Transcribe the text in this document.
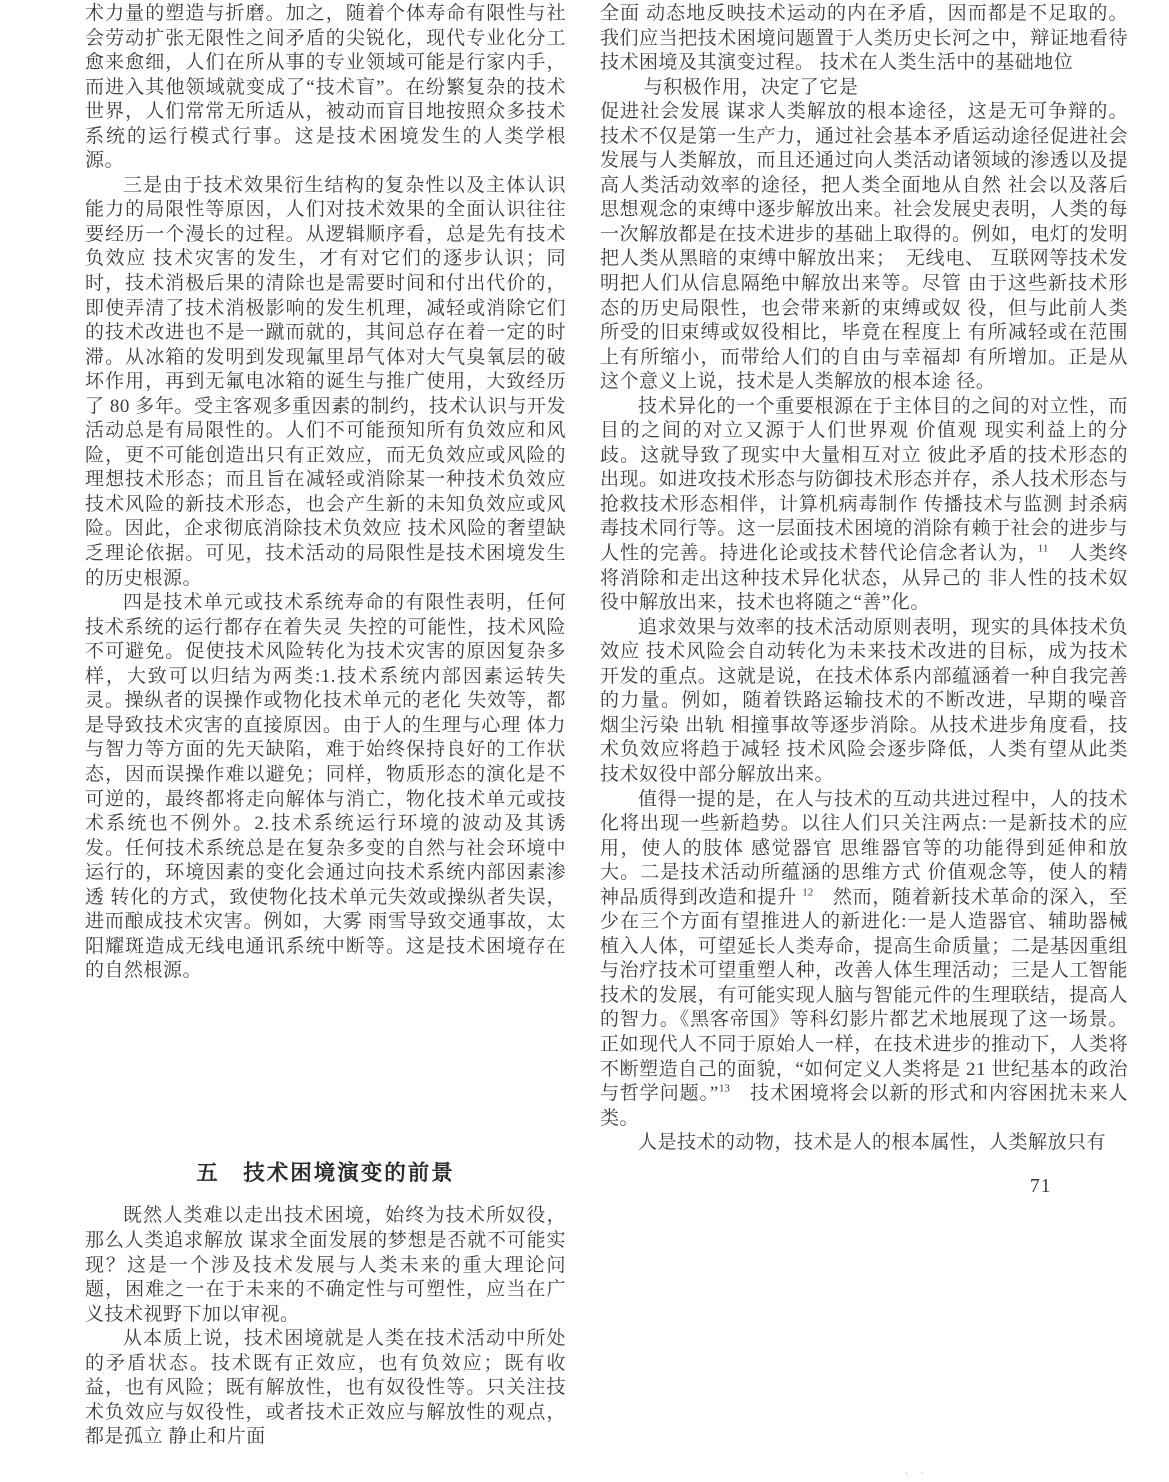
术力量的塑造与折磨。加之，随着个体寿命有限性与社会劳动扩张无限性之间矛盾的尖锐化，现代专业化分工愈来愈细，人们在所从事的专业领域可能是行家内手，而进入其他领域就变成了“技术盲”。在纷繁复杂的技术世界，人们常常无所适从，被动而盲目地按照众多技术系统的运行模式行事。这是技术困境发生的人类学根源。

三是由于技术效果衍生结构的复杂性以及主体认识能力的局限性等原因，人们对技术效果的全面认识往往要经历一个漫长的过程。从逻辑顺序看，总是先有技术负效应 技术灾害的发生，才有对它们的逐步认识；同时，技术消极后果的清除也是需要时间和付出代价的，即使弄清了技术消极影响的发生机理，减轻或消除它们的技术改进也不是一蹴而就的，其间总存在着一定的时滞。从冰箱的发明到发现氟里昂气体对大气臭氧层的破坏作用，再到无氟电冰箱的诞生与推广使用，大致经历了 80 多年。受主客观多重因素的制约，技术认识与开发活动总是有局限性的。人们不可能预知所有负效应和风险，更不可能创造出只有正效应，而无负效应或风险的理想技术形态；而且旨在减轻或消除某一种技术负效应 技术风险的新技术形态，也会产生新的未知负效应或风险。因此，企求彻底消除技术负效应 技术风险的奢望缺乏理论依据。可见，技术活动的局限性是技术困境发生的历史根源。

四是技术单元或技术系统寿命的有限性表明，任何技术系统的运行都存在着失灵 失控的可能性，技术风险不可避免。促使技术风险转化为技术灾害的原因复杂多样，大致可以归结为两类:1.技术系统内部因素运转失灵。操纵者的误操作或物化技术单元的老化 失效等，都是导致技术灾害的直接原因。由于人的生理与心理 体力与智力等方面的先天缺陷，难于始终保持良好的工作状态，因而误操作难以避免；同样，物质形态的演化是不可逆的，最终都将走向解体与消亡，物化技术单元或技术系统也不例外。2.技术系统运行环境的波动及其诱发。任何技术系统总是在复杂多变的自然与社会环境中运行的，环境因素的变化会通过向技术系统内部因素渗透 转化的方式，致使物化技术单元失效或操纵者失误，进而酿成技术灾害。例如，大雾 雨雪导致交通事故，太阳耀斑造成无线电通讯系统中断等。这是技术困境存在的自然根源。

五　技术困境演变的前景

既然人类难以走出技术困境，始终为技术所奴役，那么人类追求解放 谋求全面发展的梦想是否就不可能实现？这是一个涉及技术发展与人类未来的重大理论问题，困难之一在于未来的不确定性与可塑性，应当在广义技术视野下加以审视。

从本质上说，技术困境就是人类在技术活动中所处的矛盾状态。技术既有正效应，也有负效应；既有收益，也有风险；既有解放性，也有奴役性等。只关注技术负效应与奴役性，或者技术正效应与解放性的观点，都是孤立 静止和片面

全面 动态地反映技术运动的内在矛盾，因而都是不足取的。我们应当把技术困境问题置于人类历史长河之中，辩证地看待技术困境及其演变过程。 技术在人类生活中的基础地位

与积极作用，决定了它是

促进社会发展 谋求人类解放的根本途径，这是无可争辩的。技术不仅是第一生产力，通过社会基本矛盾运动途径促进社会发展与人类解放，而且还通过向人类活动诸领域的渗透以及提高人类活动效率的途径，把人类全面地从自然 社会以及落后思想观念的束缚中逐步解放出来。社会发展史表明，人类的每一次解放都是在技术进步的基础上取得的。例如，电灯的发明把人类从黑暗的束缚中解放出来；　无线电、 互联网等技术发明把人们从信息隔绝中解放出来等。尽管 由于这些新技术形态的历史局限性，也会带来新的束缚或奴 役，但与此前人类所受的旧束缚或奴役相比，毕竟在程度上 有所减轻或在范围上有所缩小，而带给人们的自由与幸福却 有所增加。正是从这个意义上说，技术是人类解放的根本途 径。

技术异化的一个重要根源在于主体目的之间的对立性，而目的之间的对立又源于人们世界观 价值观 现实利益上的分歧。这就导致了现实中大量相互对立 彼此矛盾的技术形态的出现。如进攻技术形态与防御技术形态并存，杀人技术形态与抢救技术形态相伴，计算机病毒制作 传播技术与监测 封杀病毒技术同行等。这一层面技术困境的消除有赖于社会的进步与人性的完善。持进化论或技术替代论信念者认为，$^{11}$　人类终将消除和走出这种技术异化状态，从异己的 非人性的技术奴役中解放出来，技术也将随之“善”化。

追求效果与效率的技术活动原则表明，现实的具体技术负效应 技术风险会自动转化为未来技术改进的目标，成为技术开发的重点。这就是说，在技术体系内部蕴涵着一种自我完善的力量。例如，随着铁路运输技术的不断改进，早期的噪音 烟尘污染 出轨 相撞事故等逐步消除。从技术进步角度看，技术负效应将趋于减轻 技术风险会逐步降低，人类有望从此类技术奴役中部分解放出来。

值得一提的是，在人与技术的互动共进过程中，人的技术化将出现一些新趋势。以往人们只关注两点:一是新技术的应用，使人的肢体 感觉器官 思维器官等的功能得到延伸和放大。二是技术活动所蕴涵的思维方式 价值观念等，使人的精神品质得到改造和提升 $^{12}$　然而，随着新技术革命的深入，至少在三个方面有望推进人的新进化:一是人造器官、辅助器械植入人体，可望延长人类寿命，提高生命质量；二是基因重组与治疗技术可望重塑人种，改善人体生理活动；三是人工智能技术的发展，有可能实现人脑与智能元件的生理联结，提高人的智力。《黑客帝国》等科幻影片都艺术地展现了这一场景。正如现代人不同于原始人一样，在技术进步的推动下，人类将不断塑造自己的面貌，“如何定义人类将是 21 世纪基本的政治与哲学问题。”$^{13}$　技术困境将会以新的形式和内容困扰未来人类。

人是技术的动物，技术是人的根本属性，人类解放只有

71
· ·
